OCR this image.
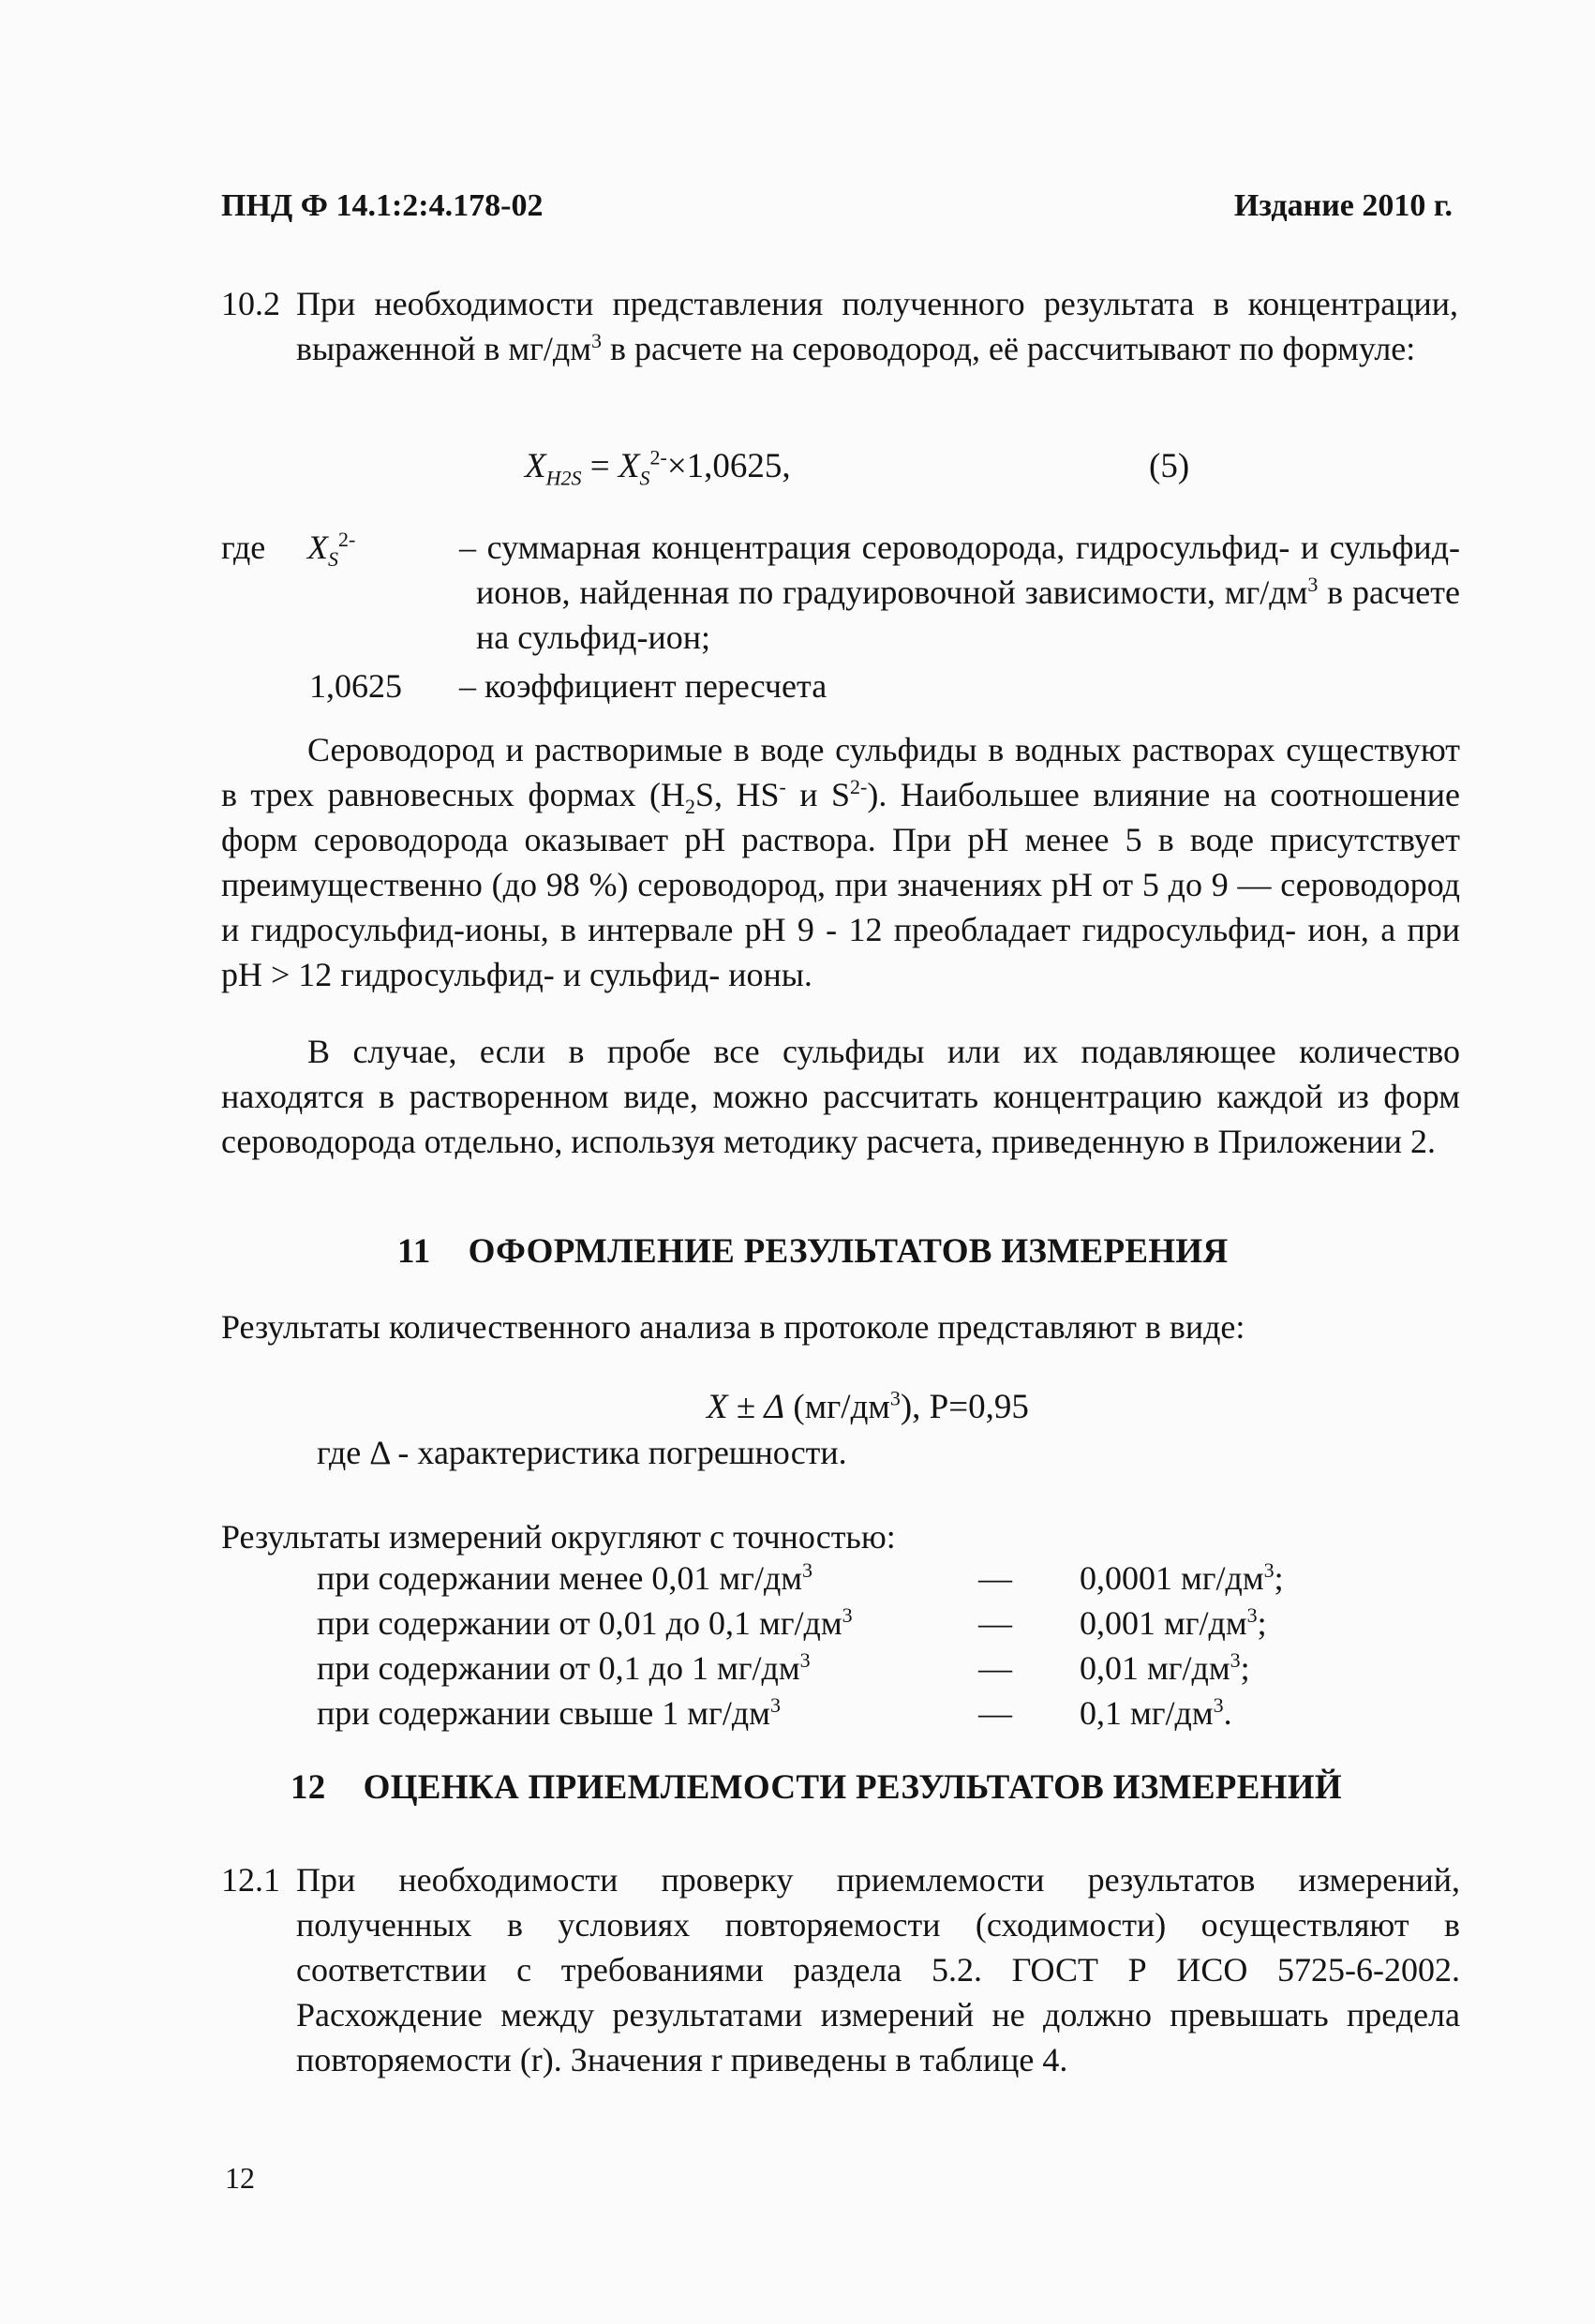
ПНД Ф 14.1:2:4.178-02	Издание 2010 г.
10.2 При необходимости представления полученного результата в концентрации, выраженной в $мг/дм^3$ в расчете на сероводород, её рассчитывают по формуле:
$X_{H2S} = X_S^{2-}\times 1,0625$,	(5)
где $X_S^{2-}$	– суммарная концентрация сероводорода, гидросульфид- и сульфид-ионов, найденная по градуировочной зависимости, $мг/дм^3$ в расчете на сульфид-ион;
1,0625 – коэффициент пересчета
Сероводород и растворимые в воде сульфиды в водных растворах существуют в трех равновесных формах ($H_2S$, HS- и $S^{2-}$). Наибольшее влияние на соотношение форм сероводорода оказывает pH раствора. При pH менее 5 в воде присутствует преимущественно (до 98 %) сероводород, при значениях pH от 5 до 9 — сероводород и гидросульфид-ионы, в интервале pH 9 - 12 преобладает гидросульфид- ион, а при pH > 12 гидросульфид- и сульфид- ионы.
В случае, если в пробе все сульфиды или их подавляющее количество находятся в растворенном виде, можно рассчитать концентрацию каждой из форм сероводорода отдельно, используя методику расчета, приведенную в Приложении 2.
11 ОФОРМЛЕНИЕ РЕЗУЛЬТАТОВ ИЗМЕРЕНИЯ
Результаты количественного анализа в протоколе представляют в виде:
X ± Δ $(мг/дм^3)$, P=0,95
где Δ - характеристика погрешности.
Результаты измерений округляют с точностью:
при содержании менее 0,01 $мг/дм^3$	— 0,0001 $мг/дм^3$;
при содержании от 0,01 до 0,1 $мг/дм^3$	— 0,001 $мг/дм^3$;
при содержании от 0,1 до 1 $мг/дм^3$	— 0,01 $мг/дм^3$;
при содержании свыше 1 $мг/дм^3$	— 0,1 $мг/дм^3$.
12 ОЦЕНКА ПРИЕМЛЕМОСТИ РЕЗУЛЬТАТОВ ИЗМЕРЕНИЙ
12.1 При необходимости проверку приемлемости результатов измерений, полученных в условиях повторяемости (сходимости) осуществляют в соответствии с требованиями раздела 5.2. ГОСТ Р ИСО 5725-6-2002. Расхождение между результатами измерений не должно превышать предела повторяемости (r). Значения r приведены в таблице 4.
12
